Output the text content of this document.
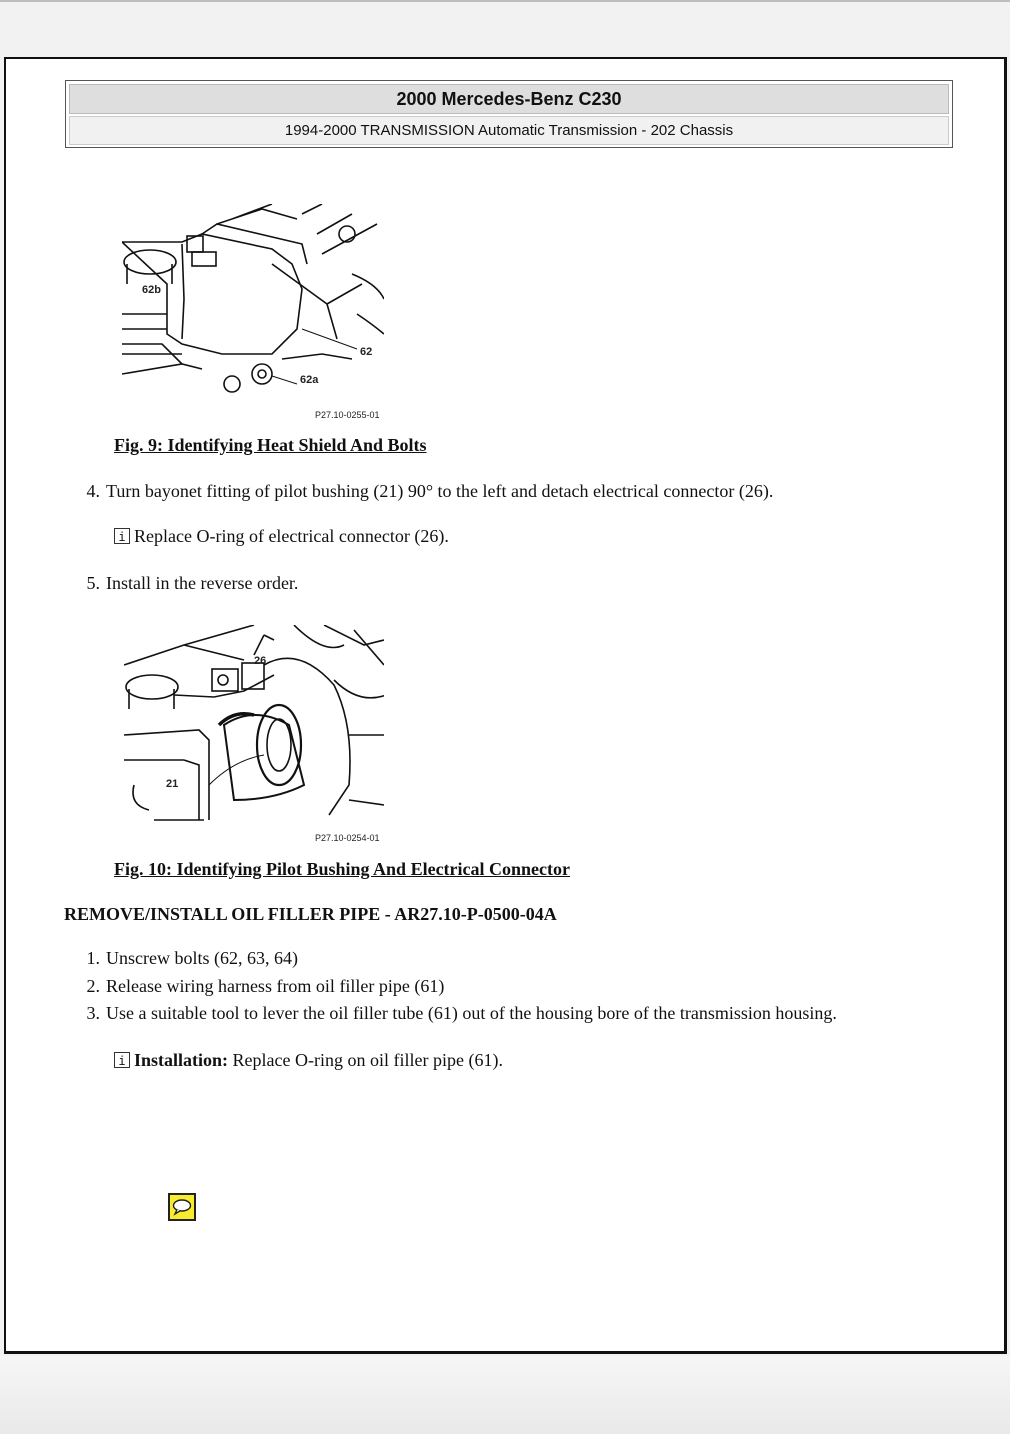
2000 Mercedes-Benz C230
1994-2000 TRANSMISSION Automatic Transmission - 202 Chassis
62b
62
62a
P27.10-0255-01
Fig. 9: Identifying Heat Shield And Bolts
4. Turn bayonet fitting of pilot bushing (21) 90° to the left and detach electrical connector (26).
i Replace O-ring of electrical connector (26).
5. Install in the reverse order.
26
21
P27.10-0254-01
Fig. 10: Identifying Pilot Bushing And Electrical Connector
REMOVE/INSTALL OIL FILLER PIPE - AR27.10-P-0500-04A
1. Unscrew bolts (62, 63, 64)
2. Release wiring harness from oil filler pipe (61)
3. Use a suitable tool to lever the oil filler tube (61) out of the housing bore of the transmission housing.
i Installation: Replace O-ring on oil filler pipe (61).
